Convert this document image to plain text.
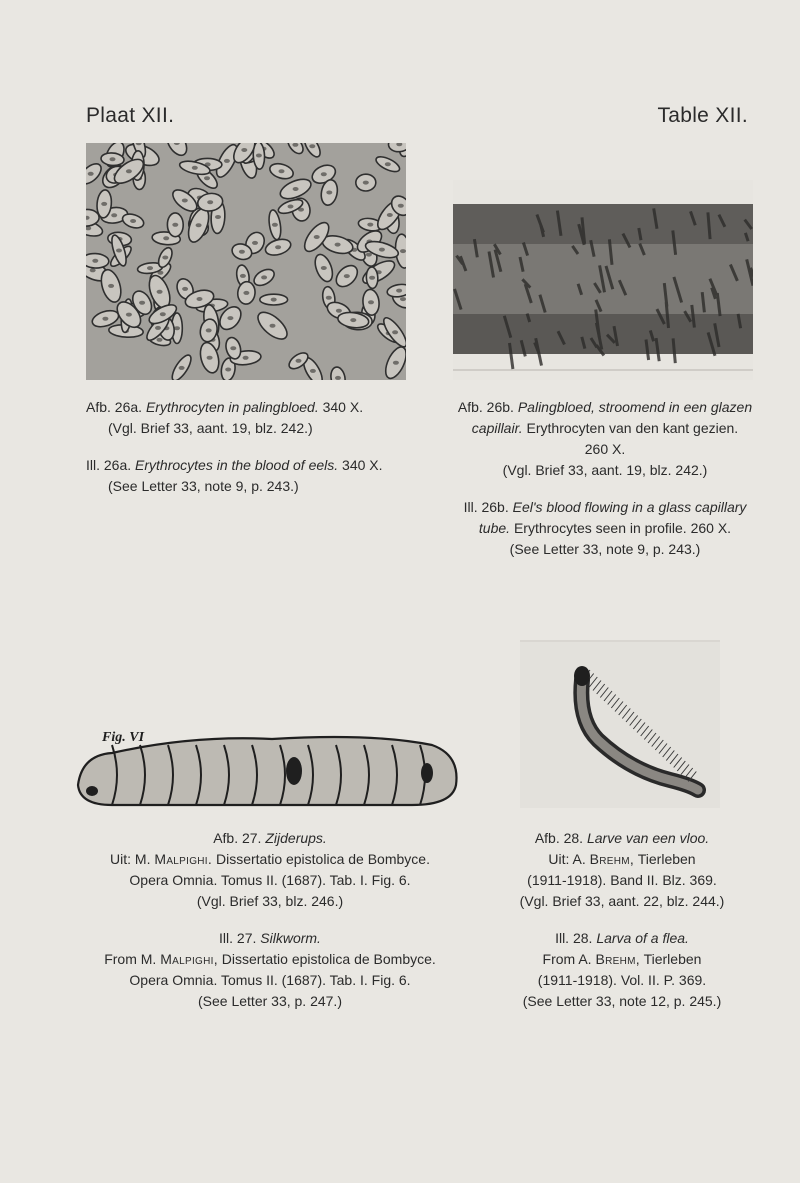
Plaat XII.	Table XII.
Fig. VI
Afb. 26a. Erythrocyten in palingbloed. 340 X.
(Vgl. Brief 33, aant. 19, blz. 242.)
Ill. 26a. Erythrocytes in the blood of eels. 340 X.
(See Letter 33, note 9, p. 243.)
Afb. 26b. Palingbloed, stroomend in een glazen
capillair. Erythrocyten van den kant gezien.
260 X.
(Vgl. Brief 33, aant. 19, blz. 242.)
Ill. 26b. Eel's blood flowing in a glass capillary
tube. Erythrocytes seen in profile. 260 X.
(See Letter 33, note 9, p. 243.)
Afb. 27. Zijderups.
Uit: M. Malpighi. Dissertatio epistolica de Bombyce.
Opera Omnia. Tomus II. (1687). Tab. I. Fig. 6.
(Vgl. Brief 33, blz. 246.)
Ill. 27. Silkworm.
From M. Malpighi, Dissertatio epistolica de Bombyce.
Opera Omnia. Tomus II. (1687). Tab. I. Fig. 6.
(See Letter 33, p. 247.)
Afb. 28. Larve van een vloo.
Uit: A. Brehm, Tierleben
(1911-1918). Band II. Blz. 369.
(Vgl. Brief 33, aant. 22, blz. 244.)
Ill. 28. Larva of a flea.
From A. Brehm, Tierleben
(1911-1918). Vol. II. P. 369.
(See Letter 33, note 12, p. 245.)
